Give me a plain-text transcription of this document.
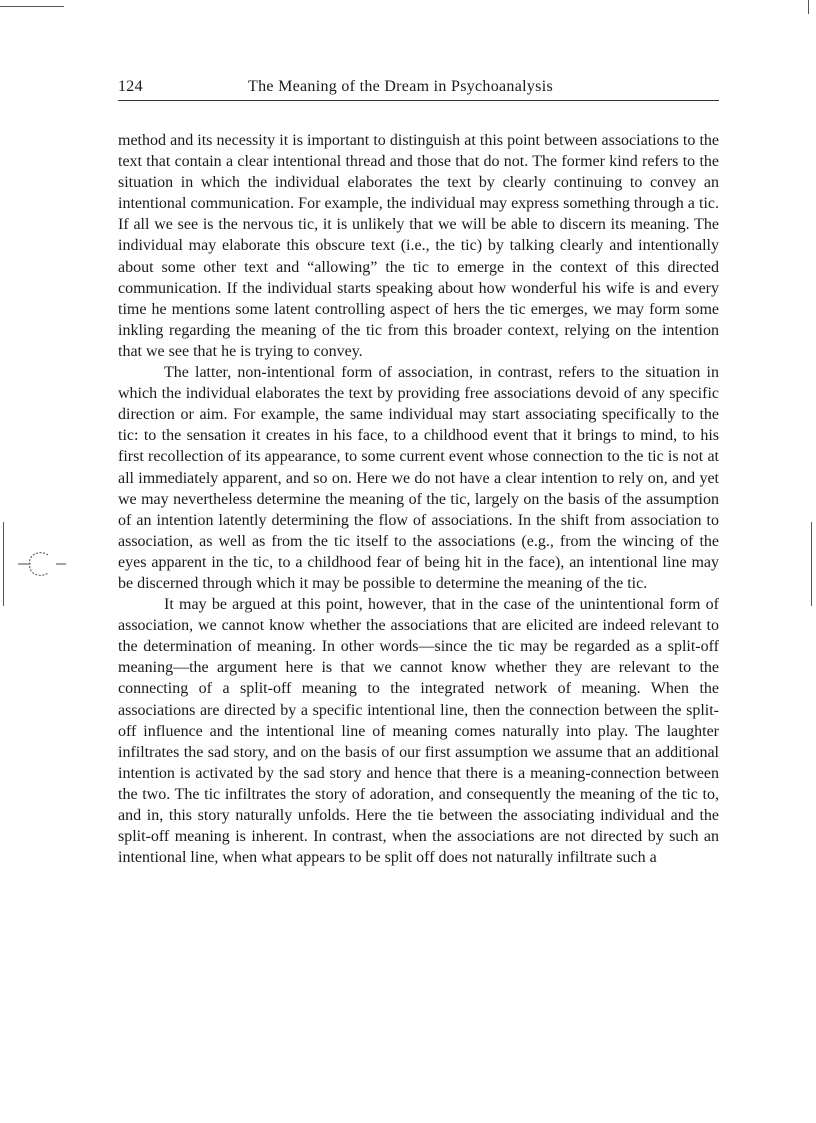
124	The Meaning of the Dream in Psychoanalysis

method and its necessity it is important to distinguish at this point between associations to the text that contain a clear intentional thread and those that do not. The former kind refers to the situation in which the individual elaborates the text by clearly continuing to convey an intentional communication. For example, the individual may express something through a tic. If all we see is the nervous tic, it is unlikely that we will be able to discern its meaning. The individual may elaborate this obscure text (i.e., the tic) by talking clearly and intentionally about some other text and “allowing” the tic to emerge in the context of this directed communication. If the individual starts speaking about how wonderful his wife is and every time he mentions some latent controlling aspect of hers the tic emerges, we may form some inkling regarding the meaning of the tic from this broader context, relying on the intention that we see that he is trying to convey.

The latter, non-intentional form of association, in contrast, refers to the situation in which the individual elaborates the text by providing free associations devoid of any specific direction or aim. For example, the same individual may start associating specifically to the tic: to the sensation it creates in his face, to a childhood event that it brings to mind, to his first recollection of its appearance, to some current event whose connection to the tic is not at all immediately apparent, and so on. Here we do not have a clear intention to rely on, and yet we may nevertheless determine the meaning of the tic, largely on the basis of the assumption of an intention latently determining the flow of associations. In the shift from association to association, as well as from the tic itself to the associations (e.g., from the wincing of the eyes apparent in the tic, to a childhood fear of being hit in the face), an intentional line may be discerned through which it may be possible to determine the meaning of the tic.

It may be argued at this point, however, that in the case of the unintentional form of association, we cannot know whether the associations that are elicited are indeed relevant to the determination of meaning. In other words—since the tic may be regarded as a split-off meaning—the argument here is that we cannot know whether they are relevant to the connecting of a split-off meaning to the integrated network of meaning. When the associations are directed by a specific intentional line, then the connection between the split-off influence and the intentional line of meaning comes naturally into play. The laughter infiltrates the sad story, and on the basis of our first assumption we assume that an additional intention is activated by the sad story and hence that there is a meaning-connection between the two. The tic infiltrates the story of adoration, and consequently the meaning of the tic to, and in, this story naturally unfolds. Here the tie between the associating individual and the split-off meaning is inherent. In contrast, when the associations are not directed by such an intentional line, when what appears to be split off does not naturally infiltrate such a
